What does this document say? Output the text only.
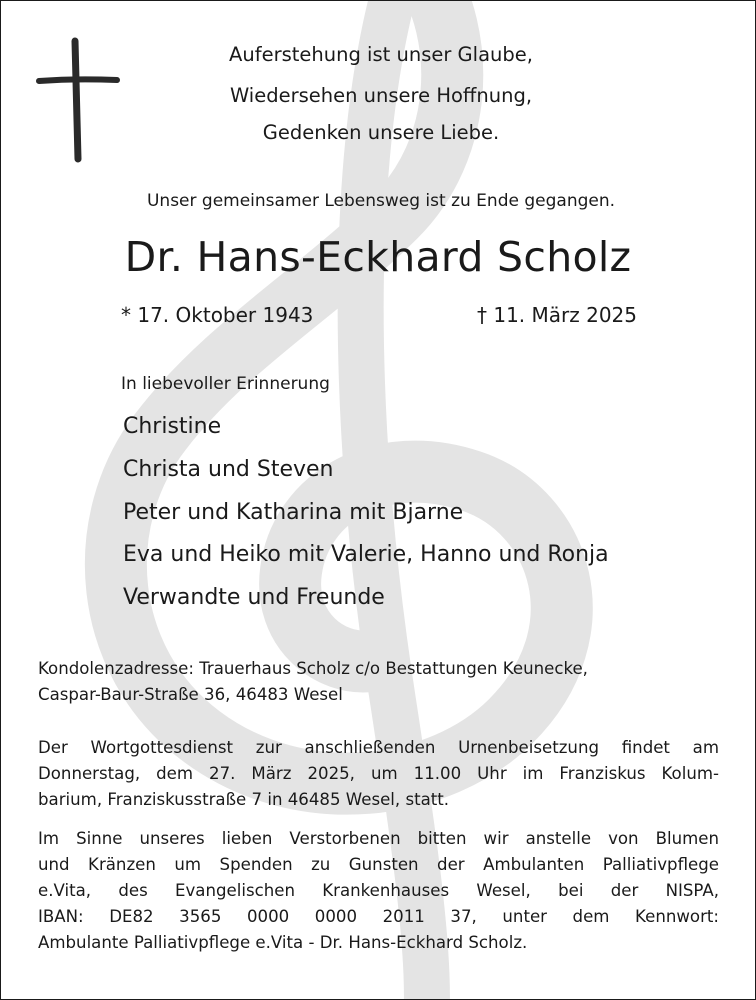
Auferstehung ist unser Glaube,
Wiedersehen unsere Hoffnung,
Gedenken unsere Liebe.
Unser gemeinsamer Lebensweg ist zu Ende gegangen.
Dr. Hans-Eckhard Scholz
* 17. Oktober 1943	† 11. März 2025
In liebevoller Erinnerung
Christine
Christa und Steven
Peter und Katharina mit Bjarne
Eva und Heiko mit Valerie, Hanno und Ronja
Verwandte und Freunde
Kondolenzadresse: Trauerhaus Scholz c/o Bestattungen Keunecke,
Caspar-Baur-Straße 36, 46483 Wesel
Der Wortgottesdienst zur anschließenden Urnenbeisetzung findet am
Donnerstag, dem 27. März 2025, um 11.00 Uhr im Franziskus Kolum-
barium, Franziskusstraße 7 in 46485 Wesel, statt.
Im Sinne unseres lieben Verstorbenen bitten wir anstelle von Blumen
und Kränzen um Spenden zu Gunsten der Ambulanten Palliativpflege
e.Vita, des Evangelischen Krankenhauses Wesel, bei der NISPA,
IBAN: DE82 3565 0000 0000 2011 37, unter dem Kennwort:
Ambulante Palliativpflege e.Vita - Dr. Hans-Eckhard Scholz.
